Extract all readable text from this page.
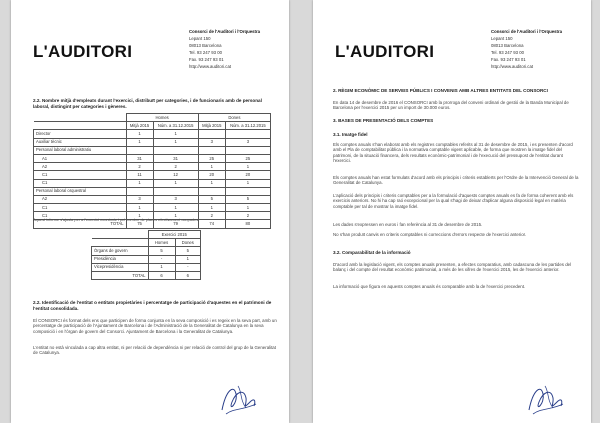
L'AUDITORI
Consorci de l'Auditori i l'Orquestra
Lepant 150
08013 Barcelona
Tel. 93 247 93 00
Fax. 93 247 93 01
http://www.auditori.cat
2.2. Nombre mitjà d'empleats durant l'exercici, distribuït per categories, i de funcionaris amb de personal laboral, distingint per categories i gèneres.
	Homes		Dones	
	Mitjà 2015	Núm. a 31.12.2015	Mitjà 2015	Núm. a 31.12.2015
Director	1	1		
Auxiliar tècnic	1	1	3	3
Personal laboral administratiu				
A1	31	31	25	25
A2	2	2	1	1
C1	11	12	20	20
C1	1	1	1	1
Personal laboral orquestral				
A2	3	3	5	5
C1	1	1	1	1
C1	1	1	2	2
TOTAL	75	79	74	80
Aquest informe s'ajusta per a l'exercici econòmic i pel nombre de places efectivament ocupades.
	Exercici 2015	
	Homes	Dones
Òrgans de govern	5	5
Presidència	-	1
Vicepresidència	1	-
TOTAL	6	6
2.2. Identificació de l'entitat o entitats propietàries i percentatge de participació d'aquestes en el patrimoni de l'entitat consolidada.
El CONSORCI és format dels ens que participen de forma conjunta en la seva composició i es regeix en la seva part, amb un percentatge de participació de l'Ajuntament de Barcelona i de l'Administració de la Generalitat de Catalunya en la seva composició i en l'òrgan de govern del Consorci. Ajuntament de Barcelona i la Generalitat de Catalunya.
L'entitat no està vinculada a cap altra entitat, ni per relació de dependència ni per relació de control del grup de la Generalitat de Catalunya.
L'AUDITORI
Consorci de l'Auditori i l'Orquestra
Lepant 150
08013 Barcelona
Tel. 93 247 93 00
Fax. 93 247 93 01
http://www.auditori.cat
2. RÈGIM ECONÒMIC DE SERVEIS PÚBLICS I CONVENIS AMB ALTRES ENTITATS DEL CONSORCI
En data 14 de desembre de 2016 el CONSORCI amb la prorroga del conveni ordinari de gestió de la Banda Municipal de Barcelona per l'exercici 2015 per un import de 30.000 euros.
3. BASES DE PRESENTACIÓ DELS COMPTES
3.1. Imatge fidel
Els comptes anuals s'han elaborat amb els registres comptables referits al 31 de desembre de 2015, i es presenten d'acord amb el Pla de comptabilitat pública i la normativa comptable vigent aplicable, de forma que mostren la imatge fidel del patrimoni, de la situació financera, dels resultats econòmic-patrimonial i de l'execució del pressupost de l'entitat durant l'exercici.
Els comptes anuals han estat formulats d'acord amb els principis i criteris establerts per l'Ordre de la Intervenció General de la Generalitat de Catalunya.
L'aplicació dels principis i criteris comptables per a la formulació d'aquests comptes anuals es fa de forma coherent amb els exercicis anteriors. No hi ha cap raó excepcional per la qual s'hagi de deixar d'aplicar alguna disposició legal en matèria comptable per tal de mostrar la imatge fidel.
Les dades s'expressen en euros i fan referència al 31 de desembre de 2015.
No s'han produït canvis en criteris comptables ni correccions d'errors respecte de l'exercici anterior.
3.2. Comparabilitat de la informació
D'acord amb la legislació vigent, els comptes anuals presenten, a efectes comparatius, amb cadascuna de les partides del balanç i del compte del resultat econòmic patrimonial, a més de les xifres de l'exercici 2015, les de l'exercici anterior.
La informació que figura en aquests comptes anuals és comparable amb la de l'exercici precedent.
